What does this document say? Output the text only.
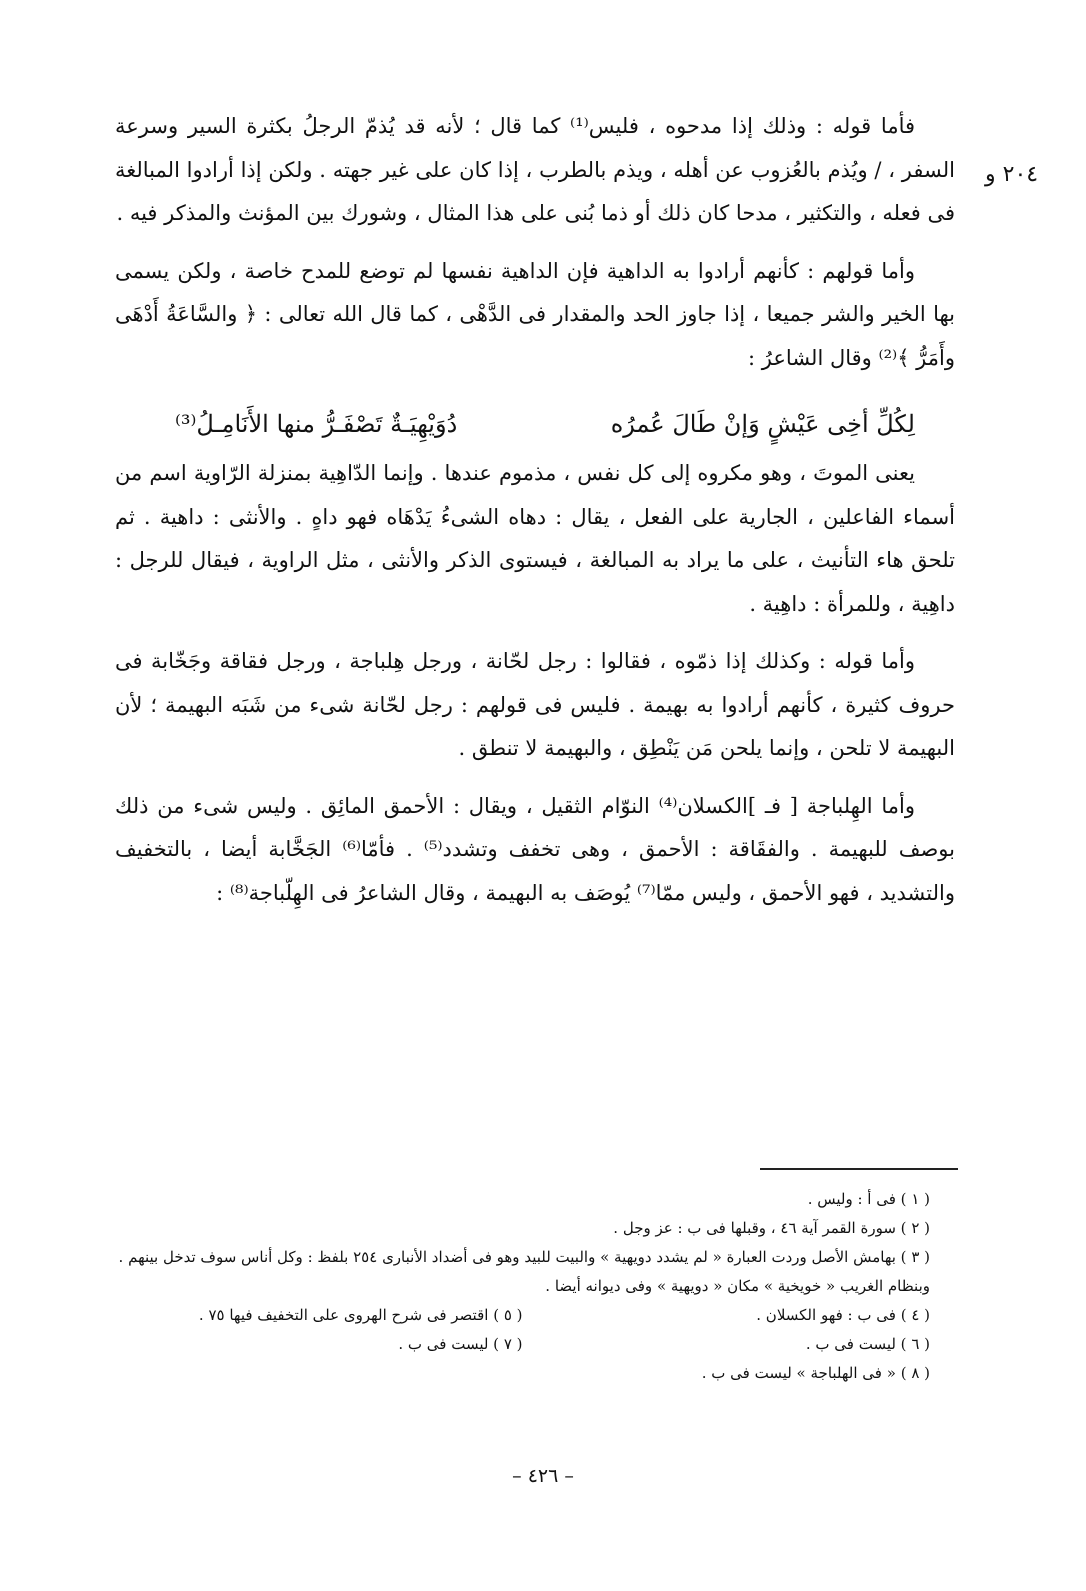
٢٠٤ و

فأما قوله : وذلك إذا مدحوه ، فليس⁽¹⁾ كما قال ؛ لأنه قد يُذمّ الرجلُ بكثرة السير وسرعة السفر ، / ويُذم بالعُزوب عن أهله ، ويذم بالطرب ، إذا كان على غير جهته . ولكن إذا أرادوا المبالغة فى فعله ، والتكثير ، مدحا كان ذلك أو ذما بُنى على هذا المثال ، وشورك بين المؤنث والمذكر فيه .

وأما قولهم : كأنهم أرادوا به الداهية فإن الداهية نفسها لم توضع للمدح خاصة ، ولكن يسمى بها الخير والشر جميعا ، إذا جاوز الحد والمقدار فى الدَّهْى ، كما قال الله تعالى : ﴿ والسَّاعَةُ أَدْهَى وأَمَرُّ ﴾⁽²⁾ وقال الشاعرُ :

لِكُلِّ أخِى عَيْشٍ وَإنْ طَالَ عُمرُه
دُوَيْهِيَـةٌ تَصْفَـرُّ منها الأَنَامِـلُ⁽³⁾

يعنى الموتَ ، وهو مكروه إلى كل نفس ، مذموم عندها . وإنما الدّاهِية بمنزلة الرّاوية اسم من أسماء الفاعلين ، الجارية على الفعل ، يقال : دهاه الشىءُ يَدْهَاه فهو داهٍ . والأنثى : داهية . ثم تلحق هاء التأنيث ، على ما يراد به المبالغة ، فيستوى الذكر والأنثى ، مثل الراوية ، فيقال للرجل : داهِية ، وللمرأة : داهِية .

وأما قوله : وكذلك إذا ذمّوه ، فقالوا : رجل لحّانة ، ورجل هِلباجة ، ورجل فقاقة وجَخّابة فى حروف كثيرة ، كأنهم أرادوا به بهيمة . فليس فى قولهم : رجل لحّانة شىء من شَبَه البهيمة ؛ لأن البهيمة لا تلحن ، وإنما يلحن مَن يَنْطِق ، والبهيمة لا تنطق .

وأما الهِلباجة [ فـ ]الكسلان⁽⁴⁾ النوّام الثقيل ، ويقال : الأحمق المائِق . وليس شىء من ذلك بوصف للبهيمة . والفقَاقة : الأحمق ، وهى تخفف وتشدد⁽⁵⁾ . فأمّا⁽⁶⁾ الجَخَّابة أيضا ، بالتخفيف والتشديد ، فهو الأحمق ، وليس ممّا⁽⁷⁾ يُوصَف به البهيمة ، وقال الشاعرُ فى الهِلّباجة⁽⁸⁾ :

( ١ ) فى أ : وليس .

( ٢ ) سورة القمر آية ٤٦ ، وقبلها فى ب : عز وجل .

( ٣ ) بهامش الأصل وردت العبارة « لم يشدد دويهية » والبيت للبيد وهو فى أضداد الأنبارى ٢٥٤ بلفظ : وكل أناس سوف تدخل بينهم . وبنظام الغريب « خويخية » مكان « دويهية » وفى ديوانه أيضا .

( ٤ ) فى ب : فهو الكسلان .

( ٥ ) اقتصر فى شرح الهروى على التخفيف فيها ٧٥ .

( ٦ ) ليست فى ب .

( ٧ ) ليست فى ب .

( ٨ ) « فى الهلباجة » ليست فى ب .

– ٤٢٦ –
